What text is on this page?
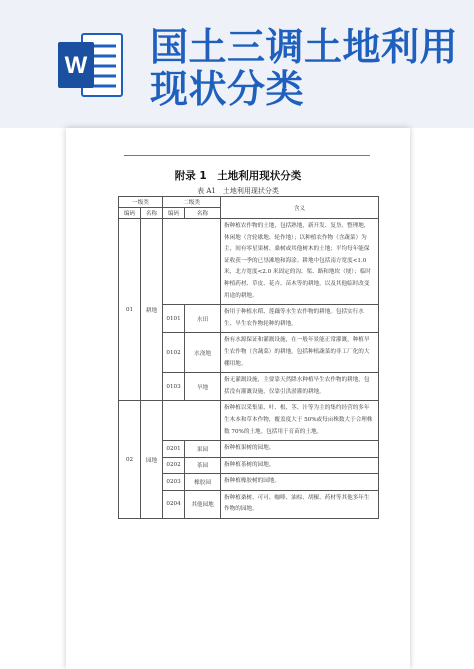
W 国土三调土地利用
现状分类
附录 1　土地利用现状分类
表 A1　土地利用现状分类
一级类		二级类		含义
编码	名称	编码	名称	
01	耕地			指种植农作物的土地，包括熟地，新开发、复垦、整理地，休闲地（含轮歇地、轮作地）；以种植农作物（含蔬菜）为主，间有零星果树、桑树或其他树木的土地；平均每年能保证收获一季的已垦滩地和海涂。耕地中包括南方宽度<1.0 米，北方宽度<2.0 米固定的沟、渠、路和地坎（埂）；临时种植药材、草皮、花卉、苗木等的耕地，以及其他临时改变用途的耕地。
		0101	水田	指用于种植水稻、莲藕等水生农作物的耕地。包括实行水生、旱生农作物轮种的耕地。
		0102	水浇地	指有水源保证和灌溉设施，在一般年景能正常灌溉，种植旱生农作物（含蔬菜）的耕地。包括种植蔬菜的非工厂化的大棚用地。
		0103	旱地	指无灌溉设施，主要靠天然降水种植旱生农作物的耕地，包括没有灌溉设施，仅靠引洪淤灌的耕地。
02	园地			指种植以采集果、叶、根、茎、汁等为主的集约经营的多年生木本和草本作物，覆盖度大于 50%或每亩株数大于合理株数 70%的土地。包括用于育苗的土地。
		0201	果园	指种植果树的园地。
		0202	茶园	指种植茶树的园地。
		0203	橡胶园	指种植橡胶树的园地。
		0204	其他园地	指种植桑树、可可、咖啡、油棕、胡椒、药材等其他多年生作物的园地。
